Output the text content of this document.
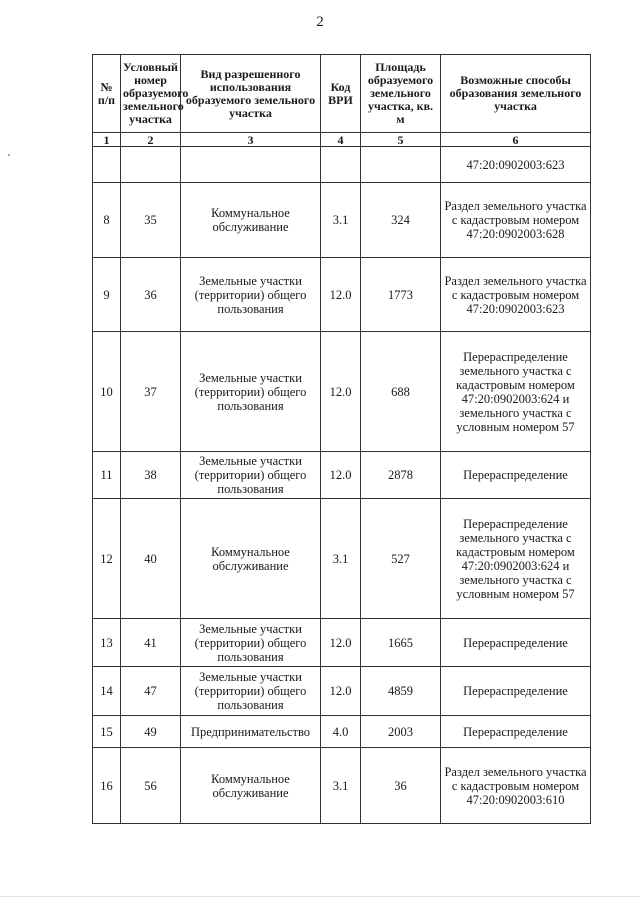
2
№ п/п	Условный номер образуемого земельного участка	Вид разрешенного использования образуемого земельного участка	Код ВРИ	Площадь образуемого земельного участка, кв. м	Возможные способы образования земельного участка
1	2	3	4	5	6
					47:20:0902003:623
8	35	Коммунальное обслуживание	3.1	324	Раздел земельного участка с кадастровым номером 47:20:0902003:628
9	36	Земельные участки (территории) общего пользования	12.0	1773	Раздел земельного участка с кадастровым номером 47:20:0902003:623
10	37	Земельные участки (территории) общего пользования	12.0	688	Перераспределение земельного участка с кадастровым номером 47:20:0902003:624 и земельного участка с условным номером 57
11	38	Земельные участки (территории) общего пользования	12.0	2878	Перераспределение
12	40	Коммунальное обслуживание	3.1	527	Перераспределение земельного участка с кадастровым номером 47:20:0902003:624 и земельного участка с условным номером 57
13	41	Земельные участки (территории) общего пользования	12.0	1665	Перераспределение
14	47	Земельные участки (территории) общего пользования	12.0	4859	Перераспределение
15	49	Предпринимательство	4.0	2003	Перераспределение
16	56	Коммунальное обслуживание	3.1	36	Раздел земельного участка с кадастровым номером 47:20:0902003:610
